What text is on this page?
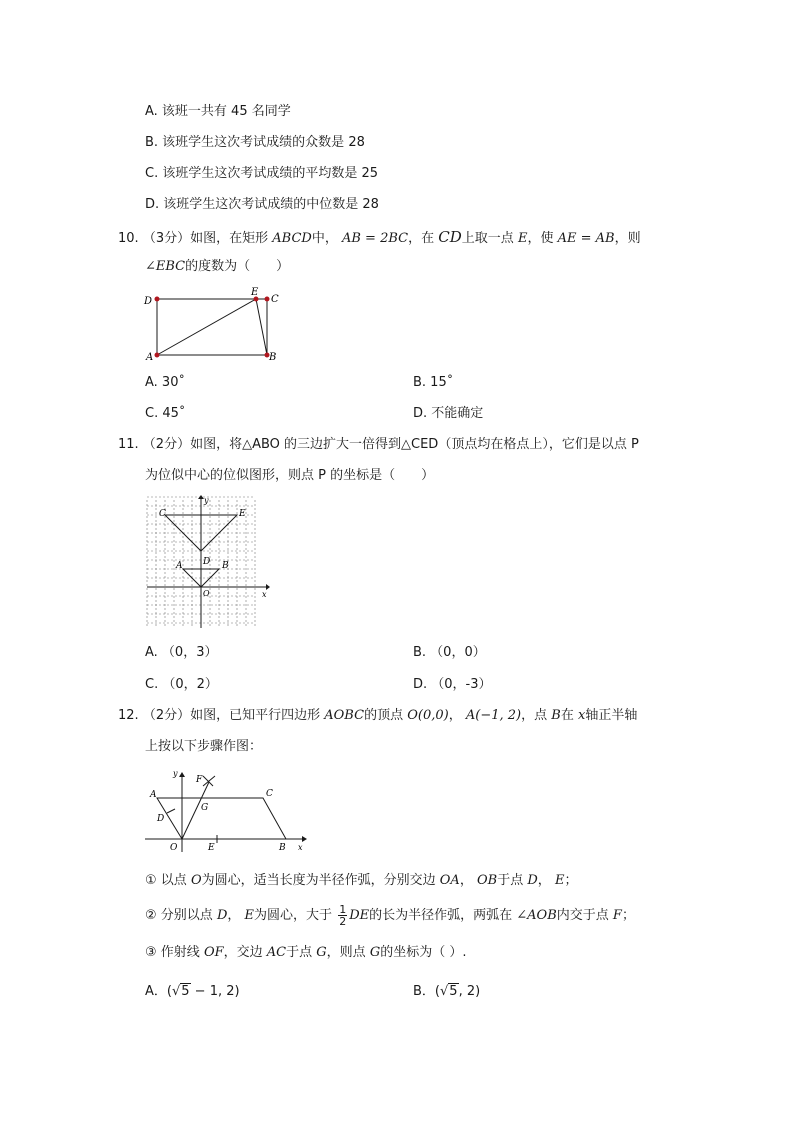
A. 该班一共有 45 名同学
B. 该班学生这次考试成绩的众数是 28
C. 该班学生这次考试成绩的平均数是 25
D. 该班学生这次考试成绩的中位数是 28
10. （3分）如图，在矩形 ABCD中， AB = 2BC，在 CD上取一点 E，使 AE = AB，则
∠EBC的度数为（　　）
D
E
C
A	B
A. 30˚	B. 15˚
C. 45˚	D. 不能确定
11. （2分）如图，将△ABO 的三边扩大一倍得到△CED（顶点均在格点上），它们是以点 P
为位似中心的位似图形，则点 P 的坐标是（　　）
C	E
A	B
D
O	x
y
A. （0，3）	B. （0，0）
C. （0，2）	D. （0，-3）
12. （2分）如图，已知平行四边形 AOBC的顶点 O(0,0)， A(−1, 2)，点 B在 x轴正半轴
上按以下步骤作图：
A
D
O
F
G
C
E	B x
y
① 以点 O为圆心，适当长度为半径作弧，分别交边 OA， OB于点 D， E；
② 分别以点 D， E为圆心，大于 $\frac{1}{2}$ DE的长为半径作弧，两弧在 ∠AOB内交于点 F；
③ 作射线 OF，交边 AC于点 G，则点 G的坐标为（ ）.
A．(√5 − 1, 2)	B．(√5, 2)
